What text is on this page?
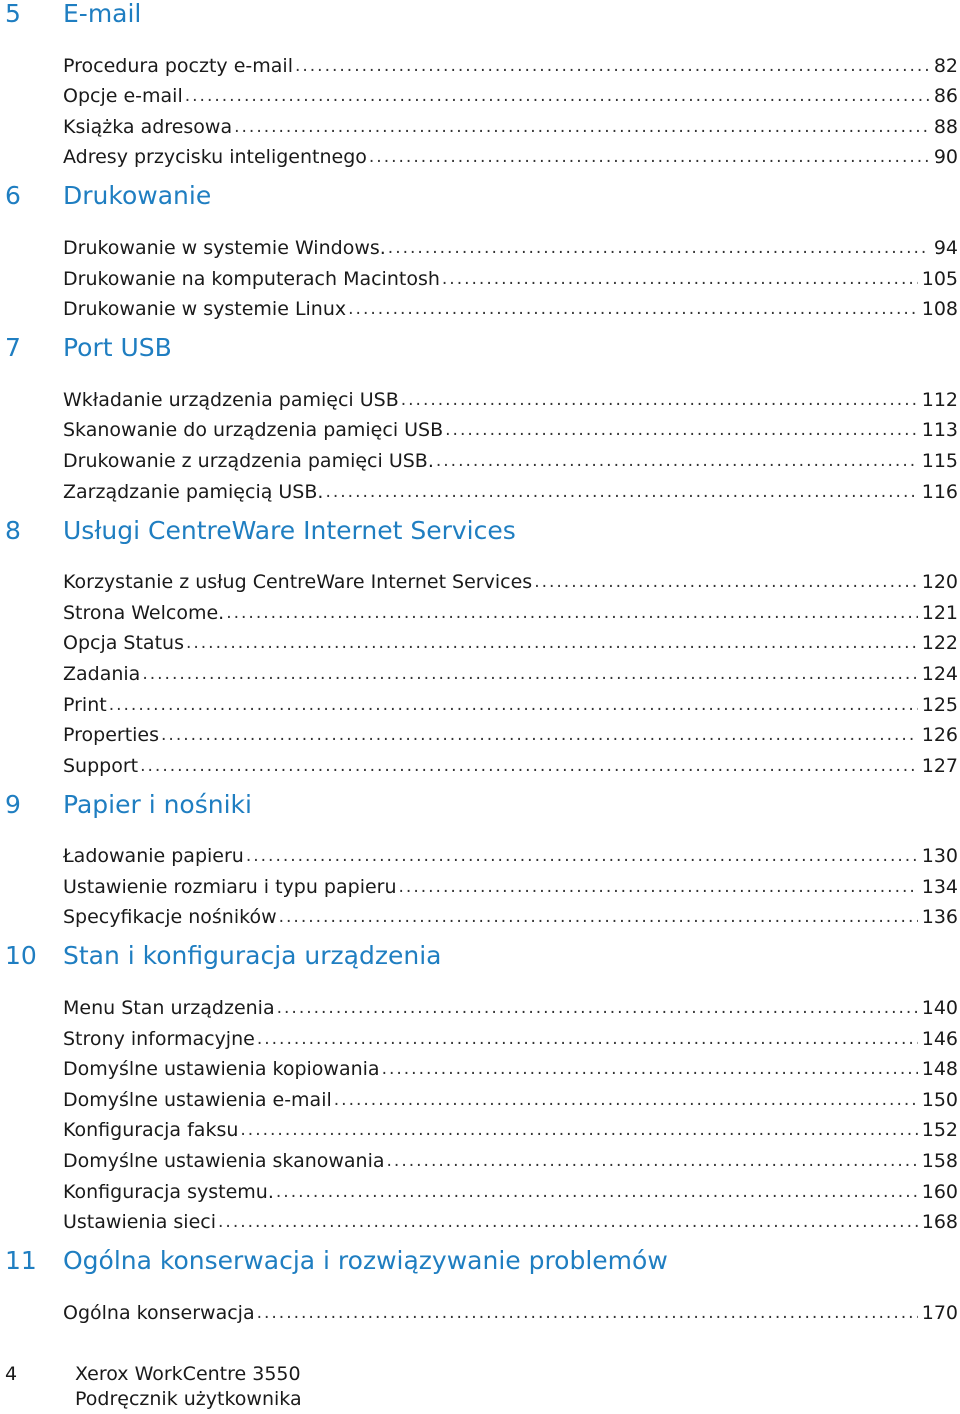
5 E-mail
Procedura poczty e-mail .....	82
Opcje e-mail .....	86
Książka adresowa .....	88
Adresy przycisku inteligentnego .....	90
6 Drukowanie
Drukowanie w systemie Windows. .....	94
Drukowanie na komputerach Macintosh .....	105
Drukowanie w systemie Linux .....	108
7 Port USB
Wkładanie urządzenia pamięci USB .....	112
Skanowanie do urządzenia pamięci USB .....	113
Drukowanie z urządzenia pamięci USB. .....	115
Zarządzanie pamięcią USB. .....	116
8 Usługi CentreWare Internet Services
Korzystanie z usług CentreWare Internet Services .....	120
Strona Welcome. .....	121
Opcja Status .....	122
Zadania .....	124
Print .....	125
Properties .....	126
Support .....	127
9 Papier i nośniki
Ładowanie papieru .....	130
Ustawienie rozmiaru i typu papieru .....	134
Specyfikacje nośników .....	136
10 Stan i konfiguracja urządzenia
Menu Stan urządzenia .....	140
Strony informacyjne .....	146
Domyślne ustawienia kopiowania .....	148
Domyślne ustawienia e-mail .....	150
Konfiguracja faksu .....	152
Domyślne ustawienia skanowania .....	158
Konfiguracja systemu. .....	160
Ustawienia sieci .....	168
11 Ogólna konserwacja i rozwiązywanie problemów
Ogólna konserwacja .....	170
4	Xerox WorkCentre 3550
Podręcznik użytkownika
